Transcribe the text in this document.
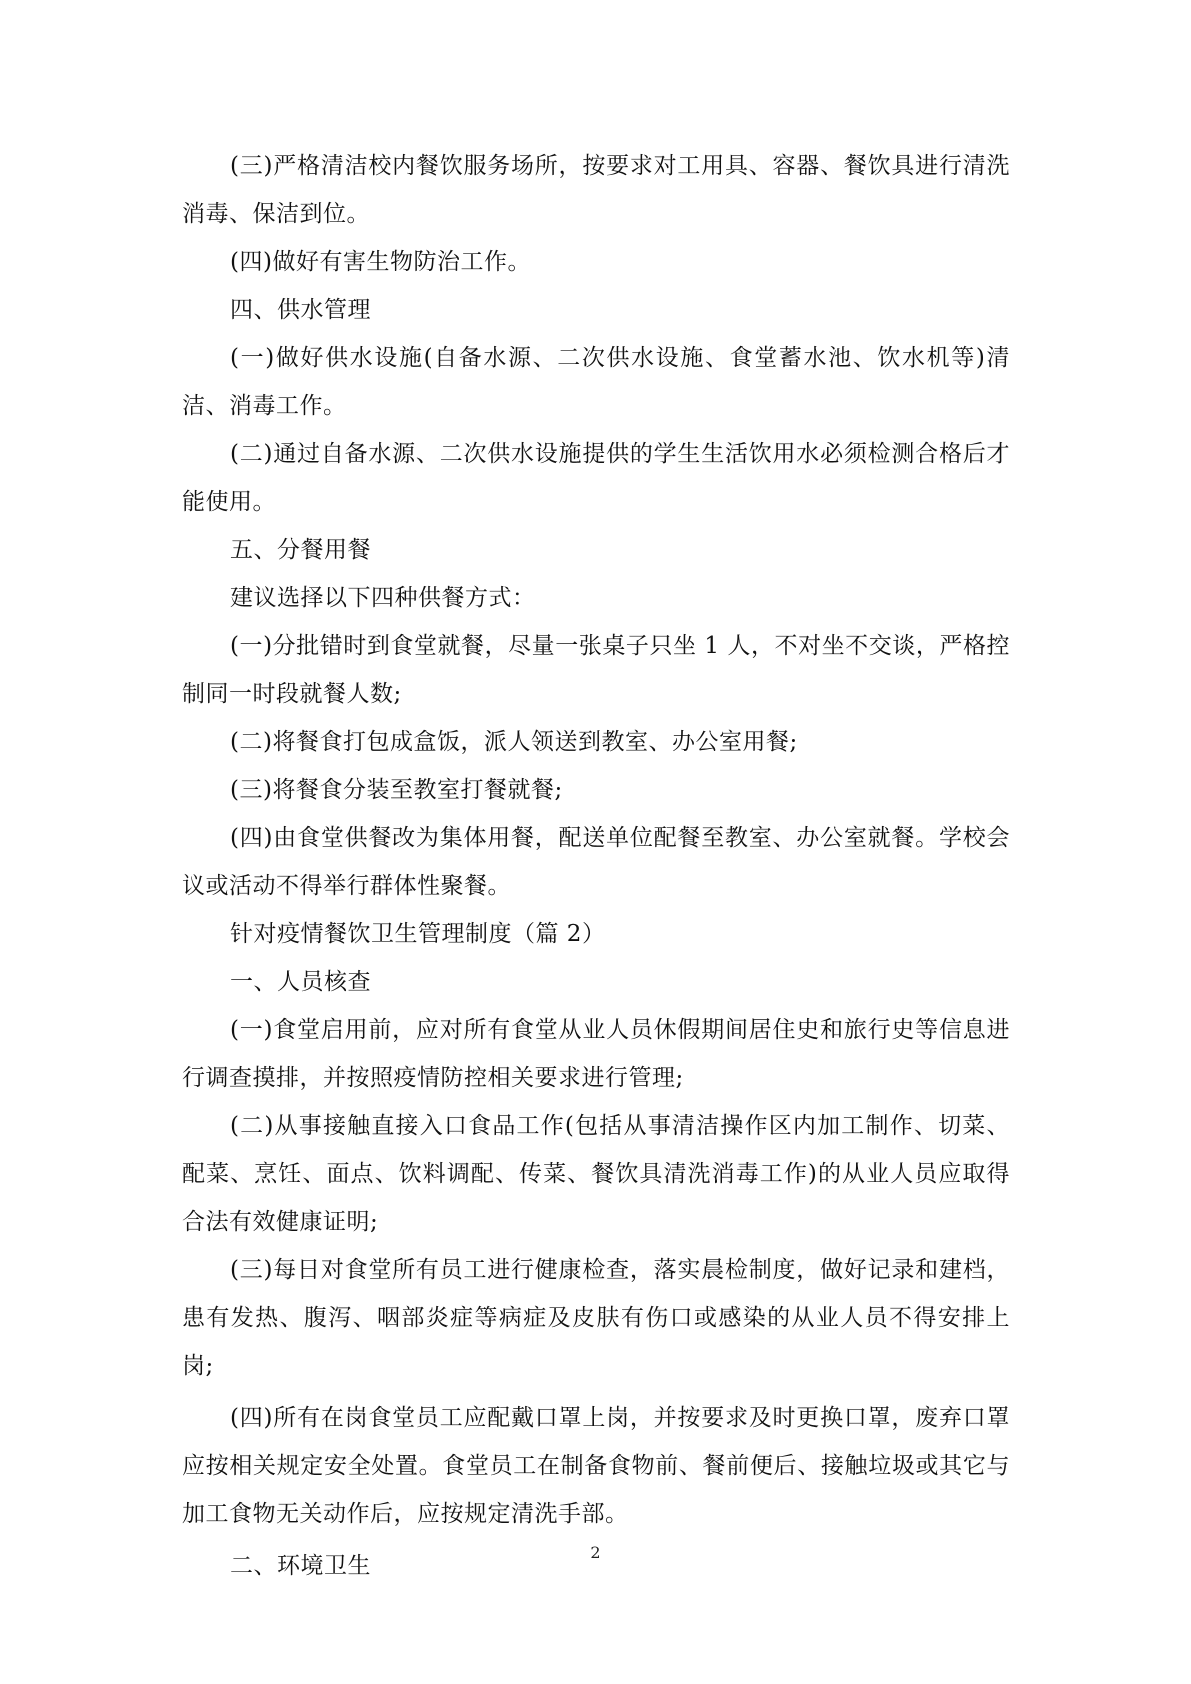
(三)严格清洁校内餐饮服务场所，按要求对工用具、容器、餐饮具进行清洗消毒、保洁到位。

(四)做好有害生物防治工作。

四、供水管理

(一)做好供水设施(自备水源、二次供水设施、食堂蓄水池、饮水机等)清洁、消毒工作。

(二)通过自备水源、二次供水设施提供的学生生活饮用水必须检测合格后才能使用。

五、分餐用餐

建议选择以下四种供餐方式：

(一)分批错时到食堂就餐，尽量一张桌子只坐 1 人，不对坐不交谈，严格控制同一时段就餐人数;

(二)将餐食打包成盒饭，派人领送到教室、办公室用餐;

(三)将餐食分装至教室打餐就餐;

(四)由食堂供餐改为集体用餐，配送单位配餐至教室、办公室就餐。学校会议或活动不得举行群体性聚餐。

针对疫情餐饮卫生管理制度（篇 2）

一、人员核查

(一)食堂启用前，应对所有食堂从业人员休假期间居住史和旅行史等信息进行调查摸排，并按照疫情防控相关要求进行管理;

(二)从事接触直接入口食品工作(包括从事清洁操作区内加工制作、切菜、配菜、烹饪、面点、饮料调配、传菜、餐饮具清洗消毒工作)的从业人员应取得合法有效健康证明;

(三)每日对食堂所有员工进行健康检查，落实晨检制度，做好记录和建档，患有发热、腹泻、咽部炎症等病症及皮肤有伤口或感染的从业人员不得安排上岗;

(四)所有在岗食堂员工应配戴口罩上岗，并按要求及时更换口罩，废弃口罩应按相关规定安全处置。食堂员工在制备食物前、餐前便后、接触垃圾或其它与加工食物无关动作后，应按规定清洗手部。

二、环境卫生

2
